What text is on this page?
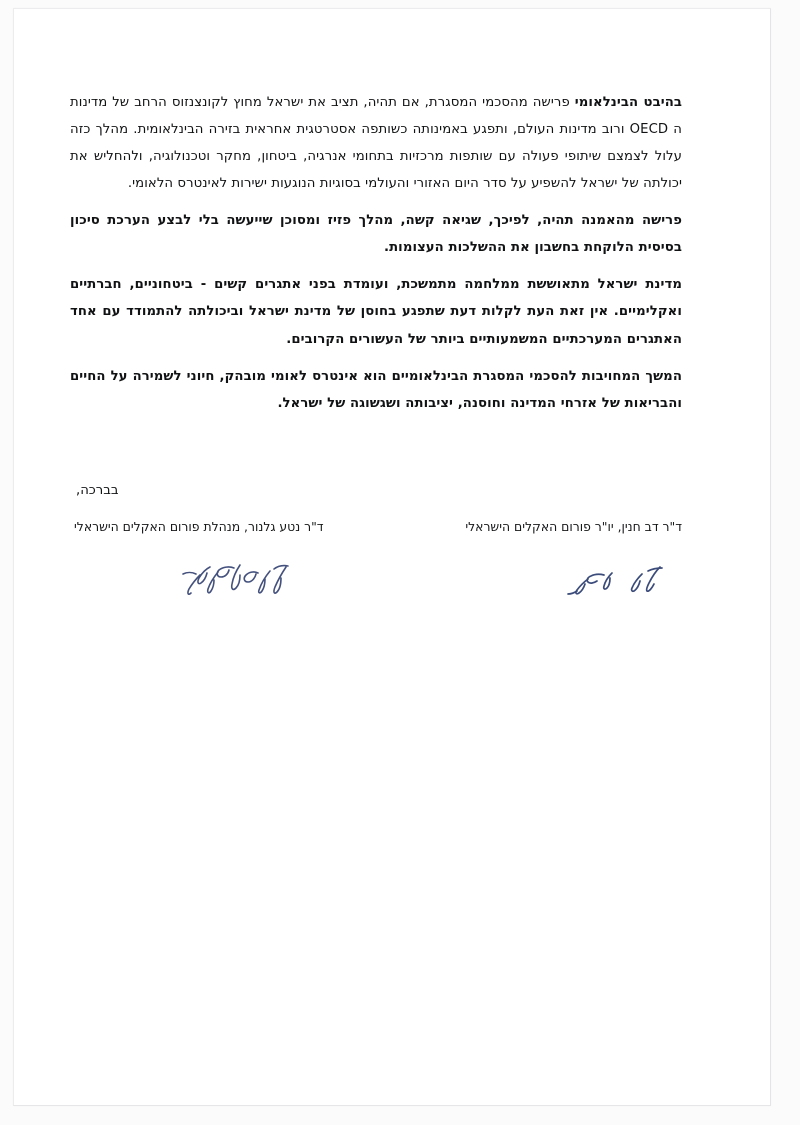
בהיבט הבינלאומי פרישה מהסכמי המסגרת, אם תהיה, תציב את ישראל מחוץ לקונצנזוס הרחב של מדינות ה OECD ורוב מדינות העולם, ותפגע באמינותה כשותפה אסטרטגית אחראית בזירה הבינלאומית. מהלך כזה עלול לצמצם שיתופי פעולה עם שותפות מרכזיות בתחומי אנרגיה, ביטחון, מחקר וטכנולוגיה, ולהחליש את יכולתה של ישראל להשפיע על סדר היום האזורי והעולמי בסוגיות הנוגעות ישירות לאינטרס הלאומי.

פרישה מהאמנה תהיה, לפיכך, שגיאה קשה, מהלך פזיז ומסוכן שייעשה בלי לבצע הערכת סיכון בסיסית הלוקחת בחשבון את ההשלכות העצומות.

מדינת ישראל מתאוששת ממלחמה מתמשכת, ועומדת בפני אתגרים קשים - ביטחוניים, חברתיים ואקלימיים. אין זאת העת לקלות דעת שתפגע בחוסן של מדינת ישראל וביכולתה להתמודד עם אחד האתגרים המערכתיים המשמעותיים ביותר של העשורים הקרובים.

המשך המחויבות להסכמי המסגרת הבינלאומיים הוא אינטרס לאומי מובהק, חיוני לשמירה על החיים והבריאות של אזרחי המדינה וחוסנה, יציבותה ושגשוגה של ישראל.

בברכה,
ד"ר דב חנין, יו"ר פורום האקלים הישראלי
ד"ר נטע גלנור, מנהלת פורום האקלים הישראלי
